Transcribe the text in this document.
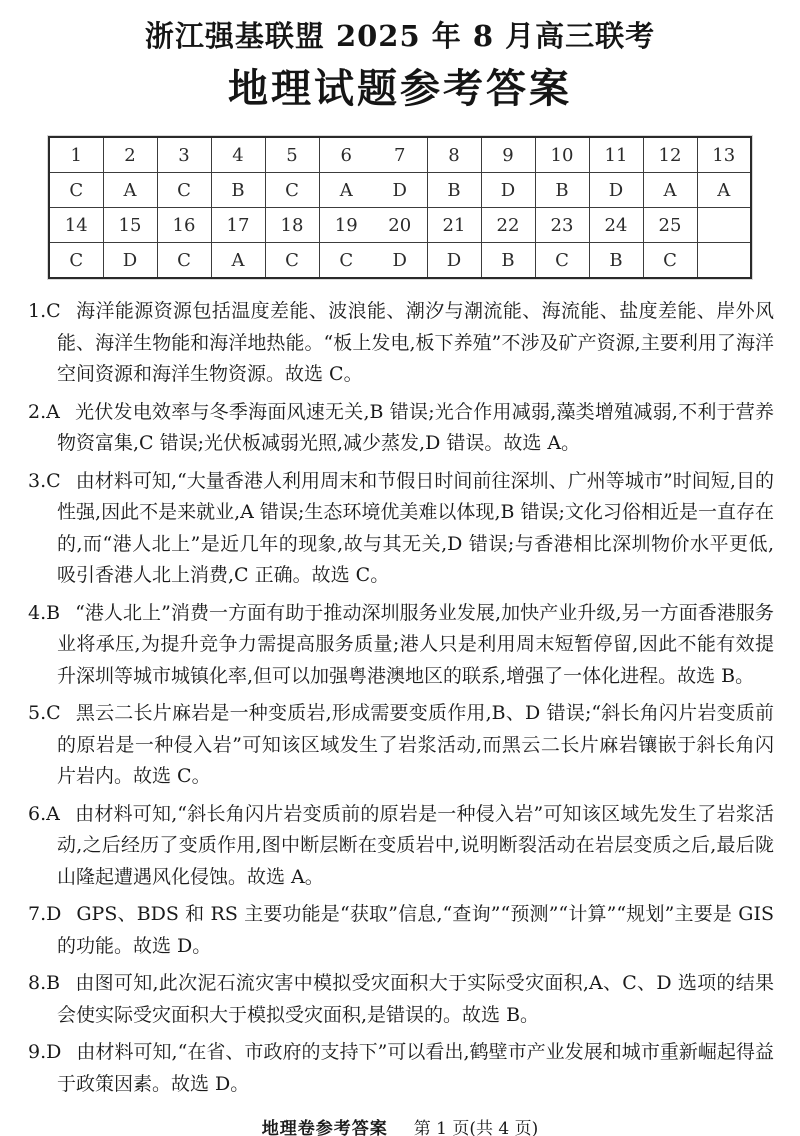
浙江强基联盟 2025 年 8 月高三联考
地理试题参考答案
1	2	3	4	5	6	7	8	9	10	11	12	13
C	A	C	B	C	A	D	B	D	B	D	A	A
14	15	16	17	18	19	20	21	22	23	24	25	
C	D	C	A	C	C	D	D	B	C	B	C	

1.C 海洋能源资源包括温度差能、波浪能、潮汐与潮流能、海流能、盐度差能、岸外风能、海洋生物能和海洋地热能。“板上发电,板下养殖”不涉及矿产资源,主要利用了海洋空间资源和海洋生物资源。故选 C。

2.A 光伏发电效率与冬季海面风速无关,B 错误;光合作用减弱,藻类增殖减弱,不利于营养物资富集,C 错误;光伏板减弱光照,减少蒸发,D 错误。故选 A。

3.C 由材料可知,“大量香港人利用周末和节假日时间前往深圳、广州等城市”时间短,目的性强,因此不是来就业,A 错误;生态环境优美难以体现,B 错误;文化习俗相近是一直存在的,而“港人北上”是近几年的现象,故与其无关,D 错误;与香港相比深圳物价水平更低,吸引香港人北上消费,C 正确。故选 C。

4.B “港人北上”消费一方面有助于推动深圳服务业发展,加快产业升级,另一方面香港服务业将承压,为提升竞争力需提高服务质量;港人只是利用周末短暂停留,因此不能有效提升深圳等城市城镇化率,但可以加强粤港澳地区的联系,增强了一体化进程。故选 B。

5.C 黑云二长片麻岩是一种变质岩,形成需要变质作用,B、D 错误;“斜长角闪片岩变质前的原岩是一种侵入岩”可知该区域发生了岩浆活动,而黑云二长片麻岩镶嵌于斜长角闪片岩内。故选 C。

6.A 由材料可知,“斜长角闪片岩变质前的原岩是一种侵入岩”可知该区域先发生了岩浆活动,之后经历了变质作用,图中断层断在变质岩中,说明断裂活动在岩层变质之后,最后陇山隆起遭遇风化侵蚀。故选 A。

7.D GPS、BDS 和 RS 主要功能是“获取”信息,“查询”“预测”“计算”“规划”主要是 GIS 的功能。故选 D。

8.B 由图可知,此次泥石流灾害中模拟受灾面积大于实际受灾面积,A、C、D 选项的结果会使实际受灾面积大于模拟受灾面积,是错误的。故选 B。

9.D 由材料可知,“在省、市政府的支持下”可以看出,鹤壁市产业发展和城市重新崛起得益于政策因素。故选 D。

地理卷参考答案 第 1 页(共 4 页)
